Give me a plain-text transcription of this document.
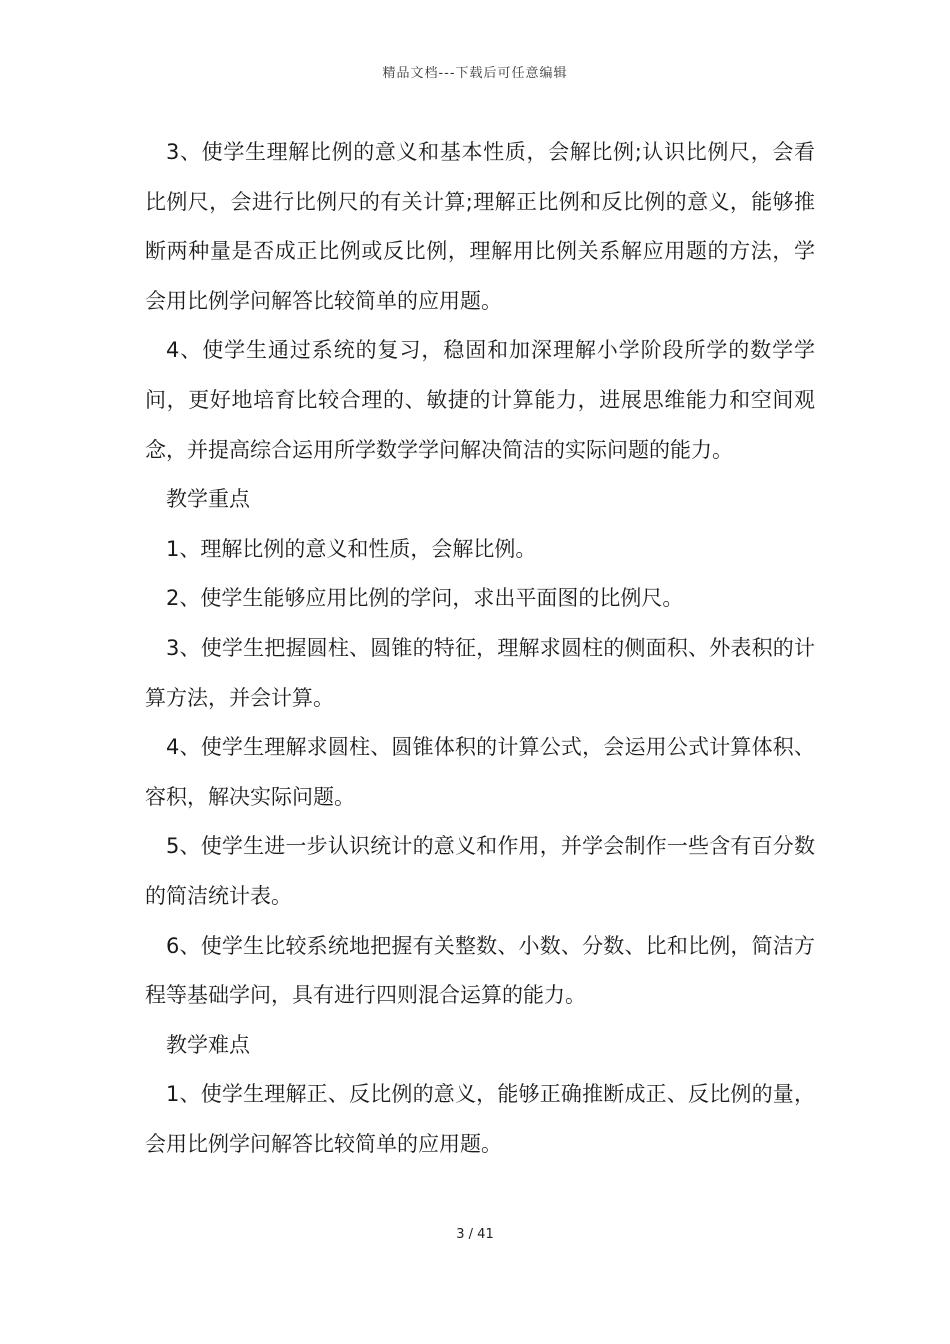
精品文档---下载后可任意编辑

3、使学生理解比例的意义和基本性质，会解比例;认识比例尺，会看比例尺，会进行比例尺的有关计算;理解正比例和反比例的意义，能够推断两种量是否成正比例或反比例，理解用比例关系解应用题的方法，学会用比例学问解答比较简单的应用题。

4、使学生通过系统的复习，稳固和加深理解小学阶段所学的数学学问，更好地培育比较合理的、敏捷的计算能力，进展思维能力和空间观念，并提高综合运用所学数学学问解决简洁的实际问题的能力。

教学重点

1、理解比例的意义和性质，会解比例。

2、使学生能够应用比例的学问，求出平面图的比例尺。

3、使学生把握圆柱、圆锥的特征，理解求圆柱的侧面积、外表积的计算方法，并会计算。

4、使学生理解求圆柱、圆锥体积的计算公式，会运用公式计算体积、容积，解决实际问题。

5、使学生进一步认识统计的意义和作用，并学会制作一些含有百分数的简洁统计表。

6、使学生比较系统地把握有关整数、小数、分数、比和比例，简洁方程等基础学问，具有进行四则混合运算的能力。

教学难点

1、使学生理解正、反比例的意义，能够正确推断成正、反比例的量，会用比例学问解答比较简单的应用题。

3 / 41
